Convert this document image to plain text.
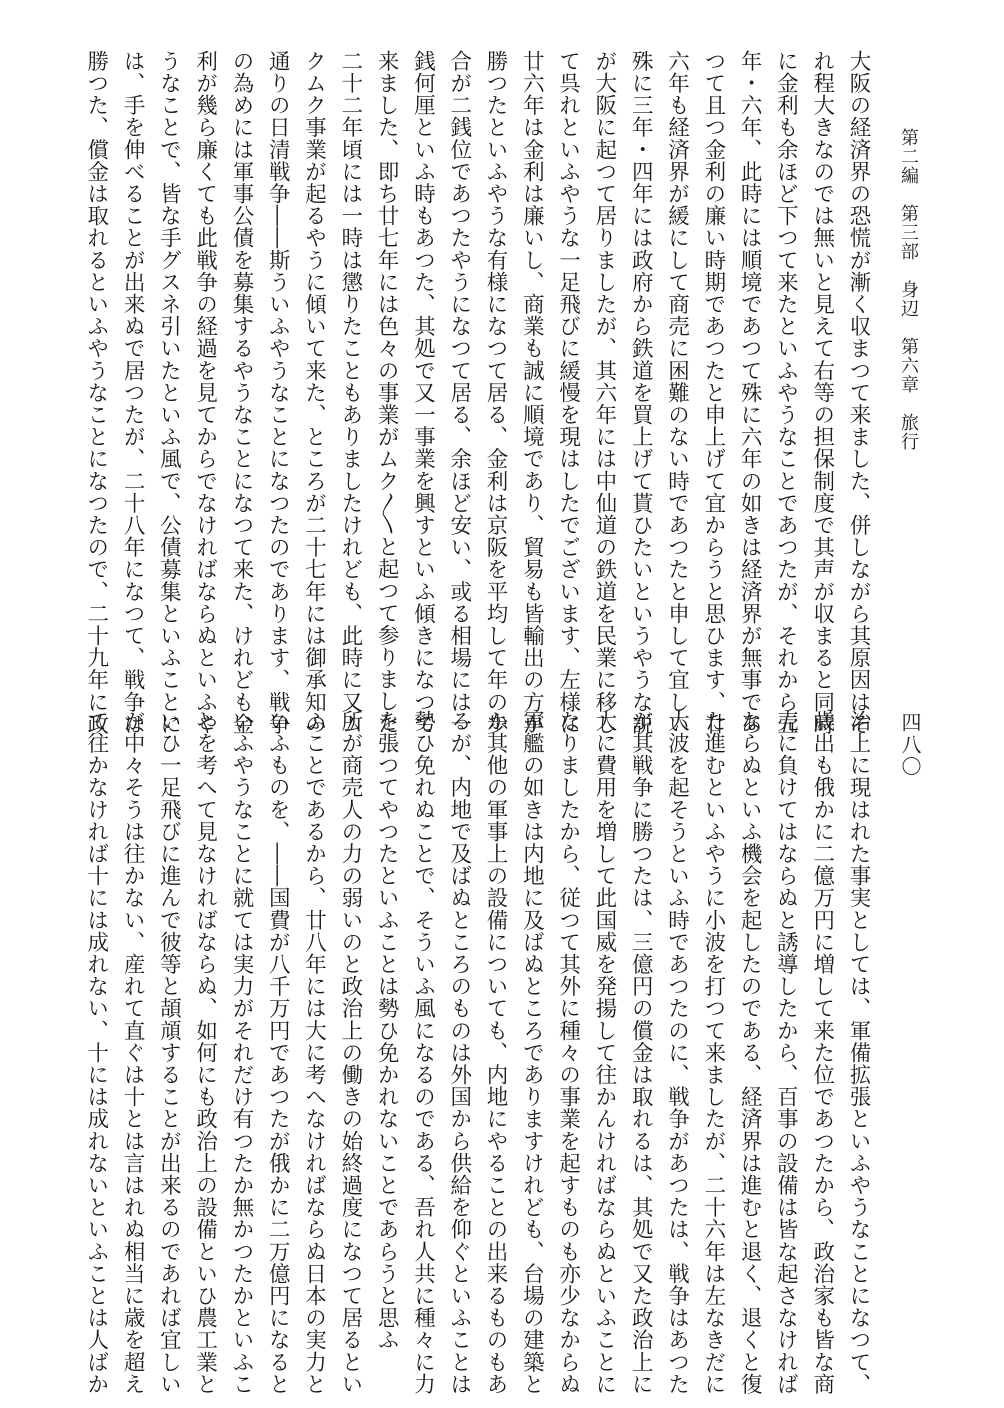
第二編　第三部　身辺　第六章　旅行
四八〇
大阪の経済界の恐慌が漸く収まつて来ました、併しながら其原因はそ
れ程大きなのでは無いと見えて右等の担保制度で其声が収まると同時
に金利も余ほど下つて来たといふやうなことであつたが、それから五
年・六年、此時には順境であつて殊に六年の如きは経済界が無事であ
つて且つ金利の廉い時期であつたと申上げて宜からうと思ひます、廿
六年も経済界が緩にして商売に困難のない時であつたと申して宜しい
殊に三年・四年には政府から鉄道を買上げて貰ひたいというやうな説
が大阪に起つて居りましたが、其六年には中仙道の鉄道を民業に移し
て呉れといふやうな一足飛びに緩慢を現はしたでございます、左様に
廿六年は金利は廉いし、商業も誠に順境であり、貿易も皆輸出の方が
勝つたといふやうな有様になつて居る、金利は京阪を平均して年の歩
合が二銭位であつたやうになつて居る、余ほど安い、或る相場には一
銭何厘といふ時もあつた、其処で又一事業を興すといふ傾きになつて
来ました、即ち廿七年には色々の事業がムク〳〵と起つて参りました
二十二年頃には一時は懲りたこともありましたけれども、此時に又ム
クムク事業が起るやうに傾いて来た、ところが二十七年には御承知の
通りの日清戦争――斯ういふやうなことになつたのであります、戦争
の為めには軍事公債を募集するやうなことになつて来た、けれども金
利が幾ら廉くても此戦争の経過を見てからでなければならぬといふや
うなことで、皆な手グスネ引いたといふ風で、公債募集といふことに
は、手を伸べることが出来ぬで居つたが、二十八年になつて、戦争は
勝つた、償金は取れるといふやうなことになつたので、二十九年に政
治上に現はれた事実としては、軍備拡張といふやうなことになつて、
歳出も俄かに二億万円に増して来た位であつたから、政治家も皆な商
売に負けてはならぬと誘導したから、百事の設備は皆な起さなければ
ならぬといふ機会を起したのである、経済界は進むと退く、退くと復
た進むといふやうに小波を打つて来ましたが、二十六年は左なきだに
大波を起そうといふ時であつたのに、戦争があつたは、戦争はあつた
が其戦争に勝つたは、三億円の償金は取れるは、其処で又た政治上に
大に費用を増して此国威を発揚して往かんければならぬといふことに
なりましたから、従つて其外に種々の事業を起すものも亦少なからぬ
軍艦の如きは内地に及ばぬところでありますけれども、台場の建築と
か其他の軍事上の設備についても、内地にやることの出来るものもあ
るが、内地で及ばぬところのものは外国から供給を仰ぐといふことは
勢ひ免れぬことで、そういふ風になるのである、吾れ人共に種々に力
を張つてやつたといふことは勢ひ免かれないことであらうと思ふ
所が商売人の力の弱いのと政治上の働きの始終過度になつて居るとい
ふことであるから、廿八年には大に考へなければならぬ日本の実力と
いふものを、――国費が八千万円であつたが俄かに二万億円になると
いふやうなことに就ては実力がそれだけ有つたか無かつたかといふこ
とを考へて見なければならぬ、如何にも政治上の設備といひ農工業と
いひ一足飛びに進んで彼等と頡頏することが出来るのであれば宜しい
が中々そうは往かない、産れて直ぐは十とは言はれぬ相当に歳を超え
て往かなければ十には成れない、十には成れないといふことは人ばか
